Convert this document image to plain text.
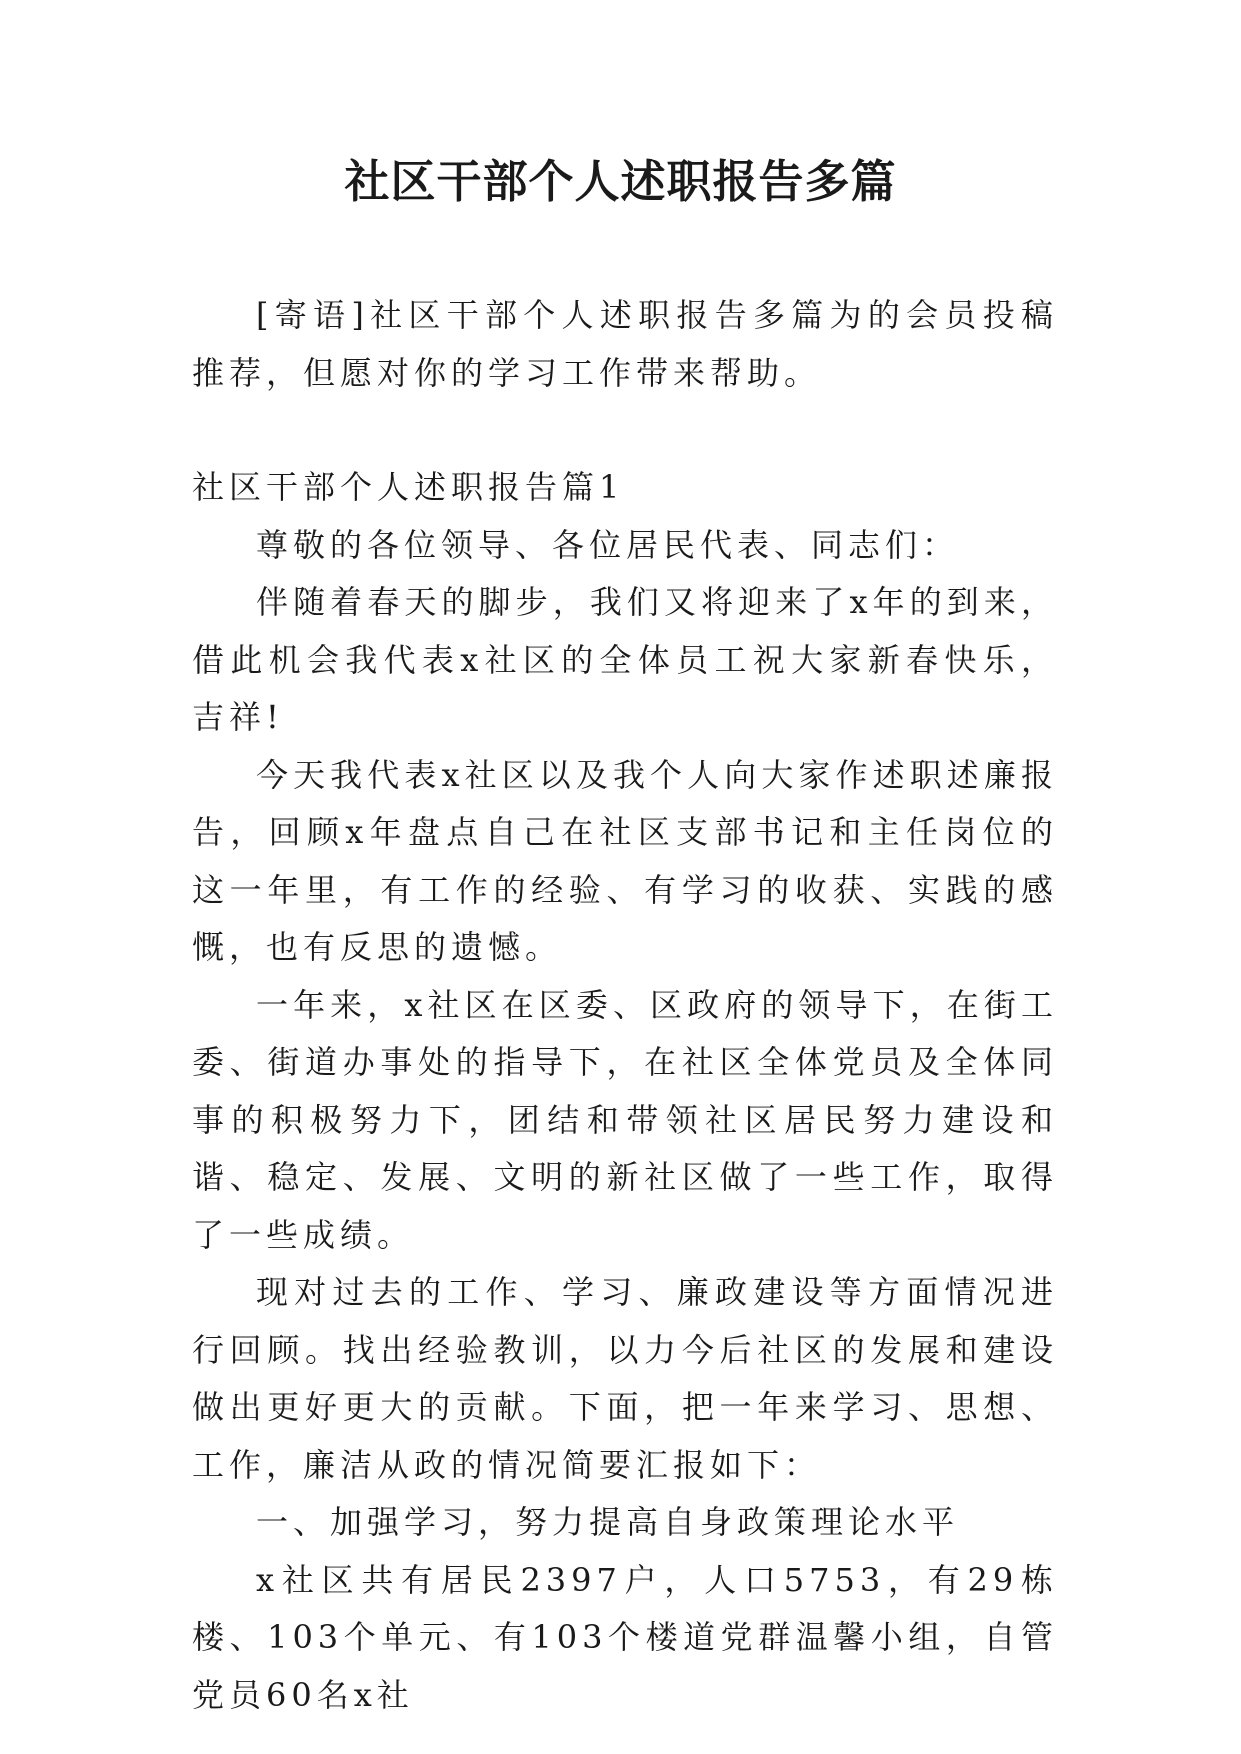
社区干部个人述职报告多篇

[寄语]社区干部个人述职报告多篇为的会员投稿推荐，但愿对你的学习工作带来帮助。

社区干部个人述职报告篇1

尊敬的各位领导、各位居民代表、同志们：

伴随着春天的脚步，我们又将迎来了x年的到来，借此机会我代表x社区的全体员工祝大家新春快乐，吉祥!

今天我代表x社区以及我个人向大家作述职述廉报告，回顾x年盘点自己在社区支部书记和主任岗位的这一年里，有工作的经验、有学习的收获、实践的感慨，也有反思的遗憾。

一年来，x社区在区委、区政府的领导下，在街工委、街道办事处的指导下，在社区全体党员及全体同事的积极努力下，团结和带领社区居民努力建设和谐、稳定、发展、文明的新社区做了一些工作，取得了一些成绩。

现对过去的工作、学习、廉政建设等方面情况进行回顾。找出经验教训，以力今后社区的发展和建设做出更好更大的贡献。下面，把一年来学习、思想、工作，廉洁从政的情况简要汇报如下：

一、加强学习，努力提高自身政策理论水平

x社区共有居民2397户，人口5753，有29栋楼、103个单元、有103个楼道党群温馨小组，自管党员60名x社
